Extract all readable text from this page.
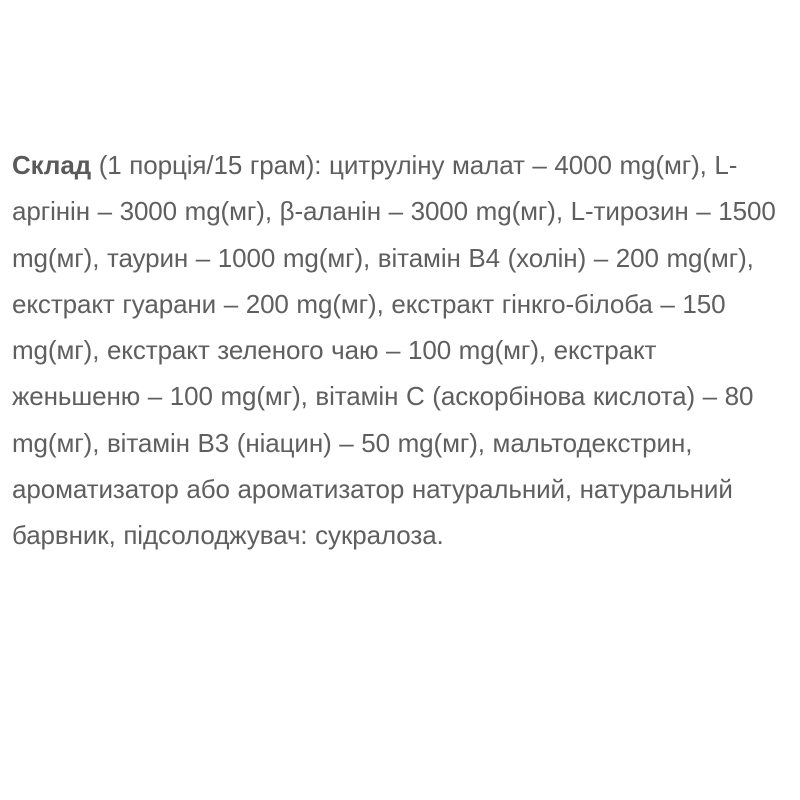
Склад (1 порція/15 грам): цитруліну малат – 4000 mg(мг), L-аргінін – 3000 mg(мг), β-аланін – 3000 mg(мг), L-тирозин – 1500 mg(мг), таурин – 1000 mg(мг), вітамін В4 (холін) – 200 mg(мг), екстракт гуарани – 200 mg(мг), екстракт гінкго-білоба – 150 mg(мг), екстракт зеленого чаю – 100 mg(мг), екстракт женьшеню – 100 mg(мг), вітамін С (аскорбінова кислота) – 80 mg(мг), вітамін В3 (ніацин) – 50 mg(мг), мальтодекстрин, ароматизатор або ароматизатор натуральний, натуральний барвник, підсолоджувач: сукралоза.
